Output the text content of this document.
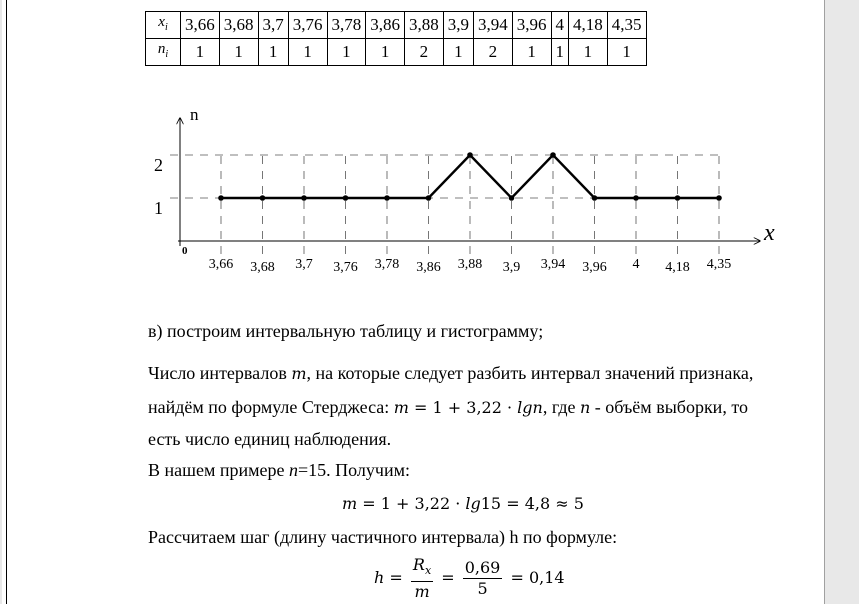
$x_i$	3,66	3,68	3,7	3,76	3,78	3,86	3,88	3,9	3,94	3,96	4	4,18	4,35
$n_i$	1	1	1	1	1	1	2	1	2	1	1	1	1
3,66 3,68 3,7 3,76 3,78 3,86 3,88 3,9 3,94 3,96 4 4,18 4,35
n
x
0
1
2
в) построим интервальную таблицу и гистограмму;
Число интервалов m, на которые следует разбить интервал значений признака,
найдём по формуле Стерджеса: m = 1 + 3,22 · lgn, где n - объём выборки, то
есть число единиц наблюдения.
В нашем примере n=15. Получим:
m = 1 + 3,22 · lg15 = 4,8 ≈ 5
Рассчитаем шаг (длину частичного интервала) h по формуле:
$h = \frac{R_x}{m} = \frac{0,69}{5} = 0,14$
